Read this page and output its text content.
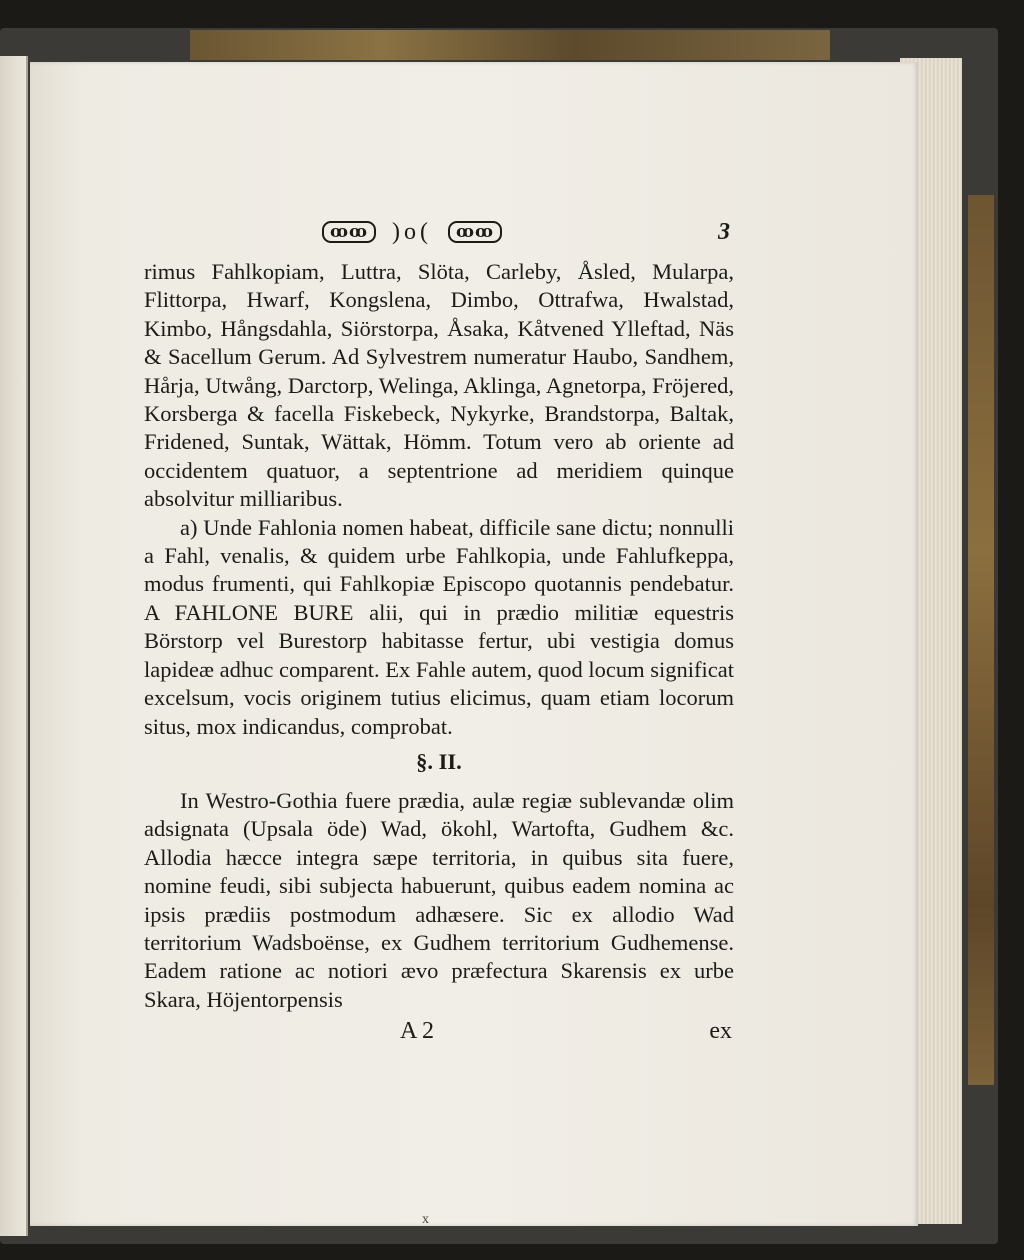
ꝏꝏ	)o(	ꝏꝏ	3

rimus Fahlkopiam, Luttra, Slöta, Carleby, Åsled, Mularpa, Flittorpa, Hwarf, Kongslena, Dimbo, Ottrafwa, Hwalstad, Kimbo, Hångsdahla, Siörstorpa, Åsaka, Kåtvened Ylleftad, Näs & Sacellum Gerum. Ad Sylvestrem numeratur Haubo, Sandhem, Hårja, Utwång, Darctorp, Welinga, Aklinga, Agnetorpa, Fröjered, Korsberga & facella Fiskebeck, Nykyrke, Brandstorpa, Baltak, Fridened, Suntak, Wättak, Hömm. Totum vero ab oriente ad occidentem quatuor, a septentrione ad meridiem quinque absolvitur milliaribus.

a) Unde Fahlonia nomen habeat, difficile sane dictu; nonnulli a Fahl, venalis, & quidem urbe Fahlkopia, unde Fahlufkeppa, modus frumenti, qui Fahlkopiæ Episcopo quotannis pendebatur. A FAHLONE BURE alii, qui in prædio militiæ equestris Börstorp vel Burestorp habitasse fertur, ubi vestigia domus lapideæ adhuc comparent. Ex Fahle autem, quod locum significat excelsum, vocis originem tutius elicimus, quam etiam locorum situs, mox indicandus, comprobat.

§. II.

In Westro-Gothia fuere prædia, aulæ regiæ sublevandæ olim adsignata (Upsala öde) Wad, ökohl, Wartofta, Gudhem &c. Allodia hæcce integra sæpe territoria, in quibus sita fuere, nomine feudi, sibi subjecta habuerunt, quibus eadem nomina ac ipsis prædiis postmodum adhæsere. Sic ex allodio Wad territorium Wadsboënse, ex Gudhem territorium Gudhemense. Eadem ratione ac notiori ævo præfectura Skarensis ex urbe Skara, Höjentorpensis

A 2	ex
x
